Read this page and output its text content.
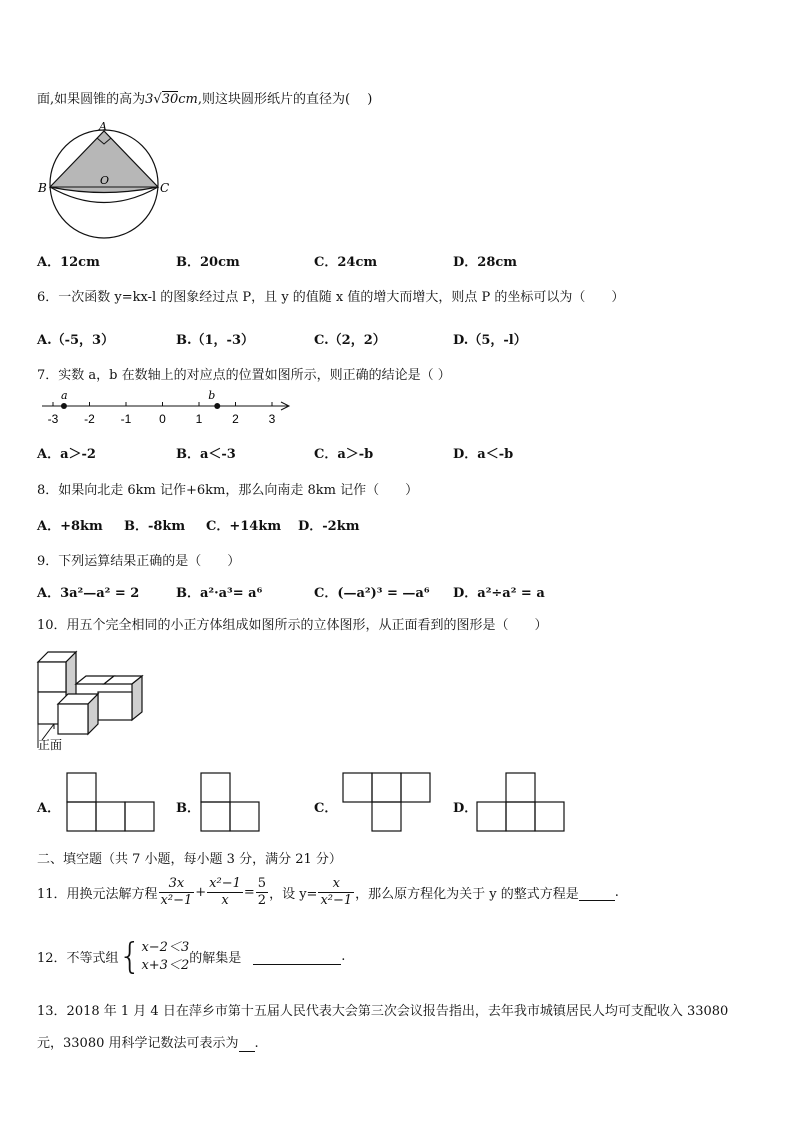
面,如果圆锥的高为3√30cm,则这块圆形纸片的直径为(　 )
A
B	C
O
A．12cm	B．20cm	C．24cm	D．28cm
6．一次函数 y=kx-l 的图象经过点 P，且 y 的值随 x 值的增大而增大，则点 P 的坐标可以为（　　）
A.（-5，3）	B.（1，-3）	C.（2，2）	D.（5，-l）
7．实数 a，b 在数轴上的对应点的位置如图所示，则正确的结论是（ ）
-3 -2 -1 0 1 2 3
a	b
A．a＞-2	B．a＜-3	C．a＞-b	D．a＜-b
8．如果向北走 6km 记作+6km，那么向南走 8km 记作（　　）
A．+8km B．-8km C．+14km D．-2km
9．下列运算结果正确的是（　　）
A．3a²—a² = 2	B．a²·a³= a⁶	C．(—a²)³ = —a⁶ D．a²÷a² = a
10．用五个完全相同的小正方体组成如图所示的立体图形，从正面看到的图形是（　　）
正面
A．	B．	C．	D．
二、填空题（共 7 小题，每小题 3 分，满分 21 分）
11．用换元法解方程 $\frac{3x}{\text{x²−1}} + \frac{\text{x²−1}}{x} = \frac{5}{2}$ ，设 $y= \frac{x}{\text{x²−1}}$ ，那么原方程化为关于 y 的整式方程是
	.
12．不等式组 { x−2＜3
x+3＜2 的解集是
	.
13．2018 年 1 月 4 日在萍乡市第十五届人民代表大会第三次会议报告指出，去年我市城镇居民人均可支配收入 33080
元，33080 用科学记数法可表示为 .
